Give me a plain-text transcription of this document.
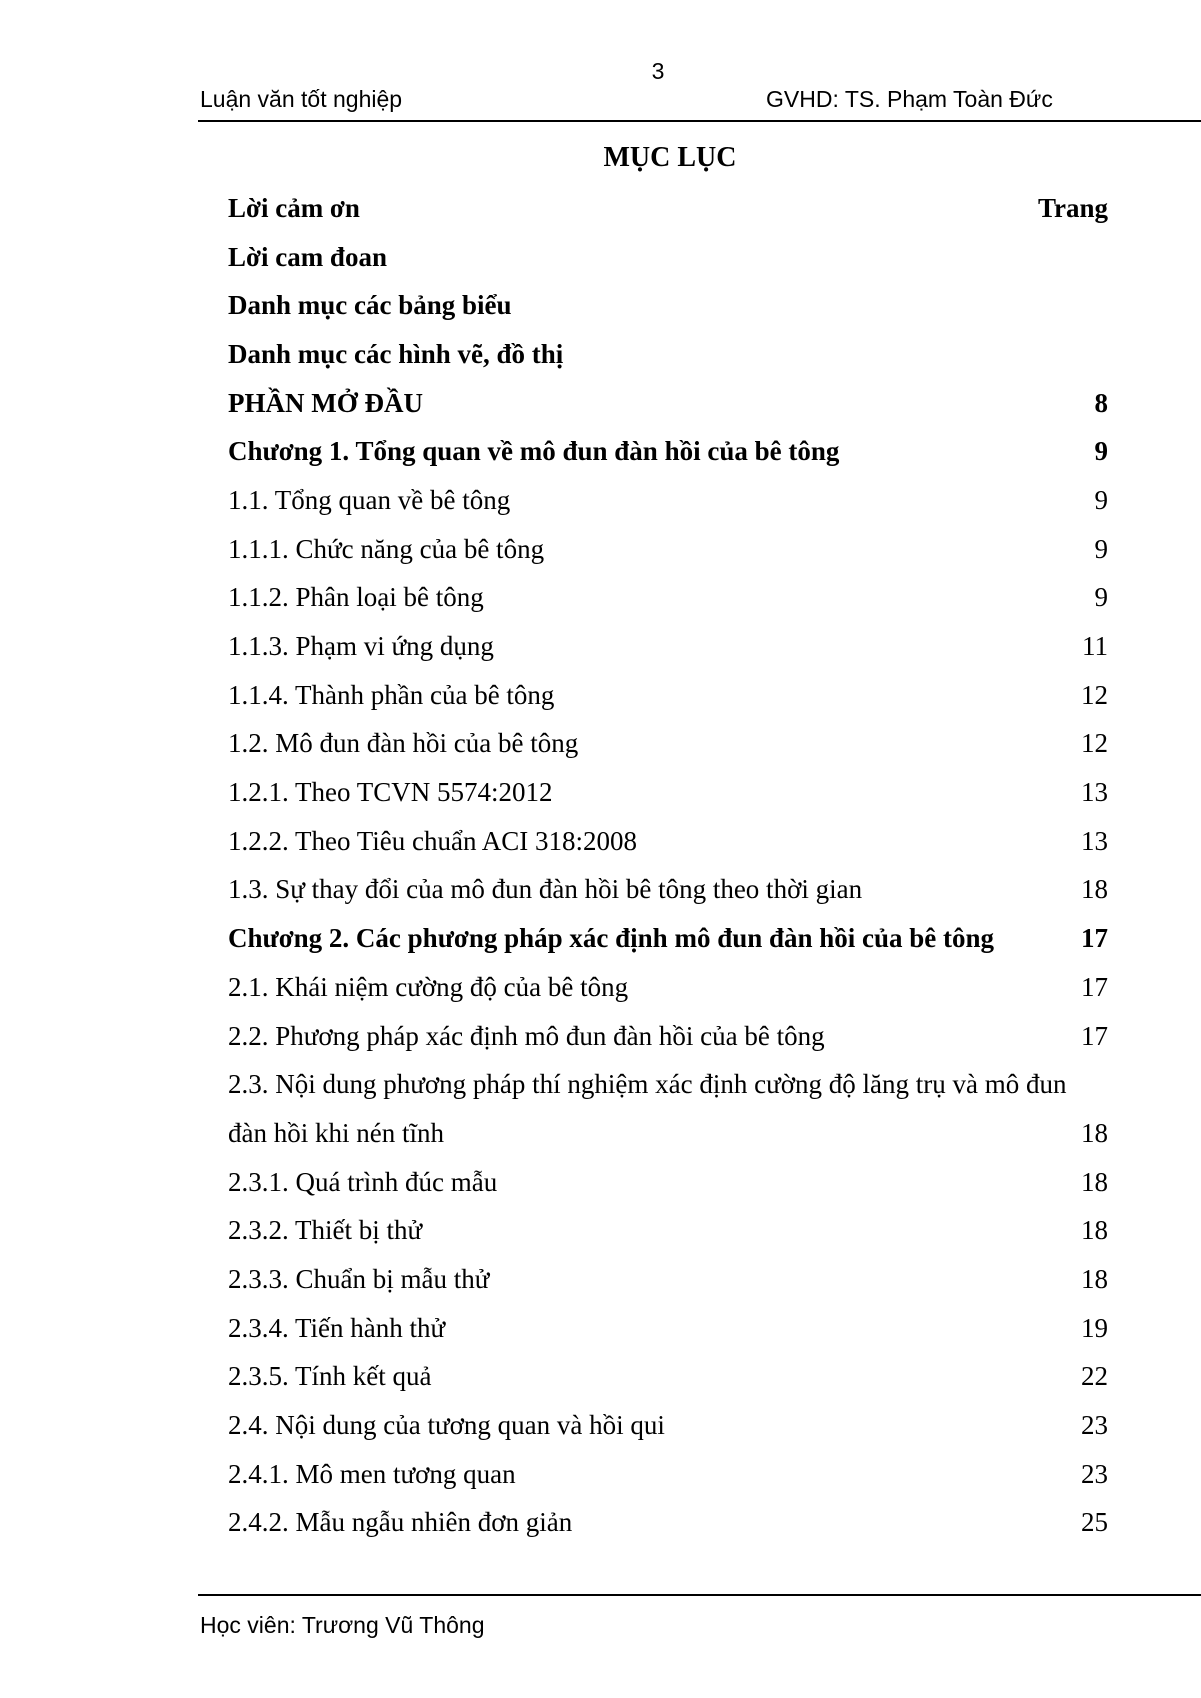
3
Luận văn tốt nghiệp	GVHD: TS. Phạm Toàn Đức
MỤC LỤC
Lời cảm ơn	Trang
Lời cam đoan
Danh mục các bảng biểu
Danh mục các hình vẽ, đồ thị
PHẦN MỞ ĐẦU	8
Chương 1. Tổng quan về mô đun đàn hồi của bê tông	9
1.1. Tổng quan về bê tông	9
1.1.1. Chức năng của bê tông	9
1.1.2. Phân loại bê tông	9
1.1.3. Phạm vi ứng dụng	11
1.1.4. Thành phần của bê tông	12
1.2. Mô đun đàn hồi của bê tông	12
1.2.1. Theo TCVN 5574:2012	13
1.2.2. Theo Tiêu chuẩn ACI 318:2008	13
1.3. Sự thay đổi của mô đun đàn hồi bê tông theo thời gian	18
Chương 2. Các phương pháp xác định mô đun đàn hồi của bê tông	17
2.1. Khái niệm cường độ của bê tông	17
2.2. Phương pháp xác định mô đun đàn hồi của bê tông	17
2.3. Nội dung phương pháp thí nghiệm xác định cường độ lăng trụ và mô đun
đàn hồi khi nén tĩnh	18
2.3.1. Quá trình đúc mẫu	18
2.3.2. Thiết bị thử	18
2.3.3. Chuẩn bị mẫu thử	18
2.3.4. Tiến hành thử	19
2.3.5. Tính kết quả	22
2.4. Nội dung của tương quan và hồi qui	23
2.4.1. Mô men tương quan	23
2.4.2. Mẫu ngẫu nhiên đơn giản	25
Học viên: Trương Vũ Thông
